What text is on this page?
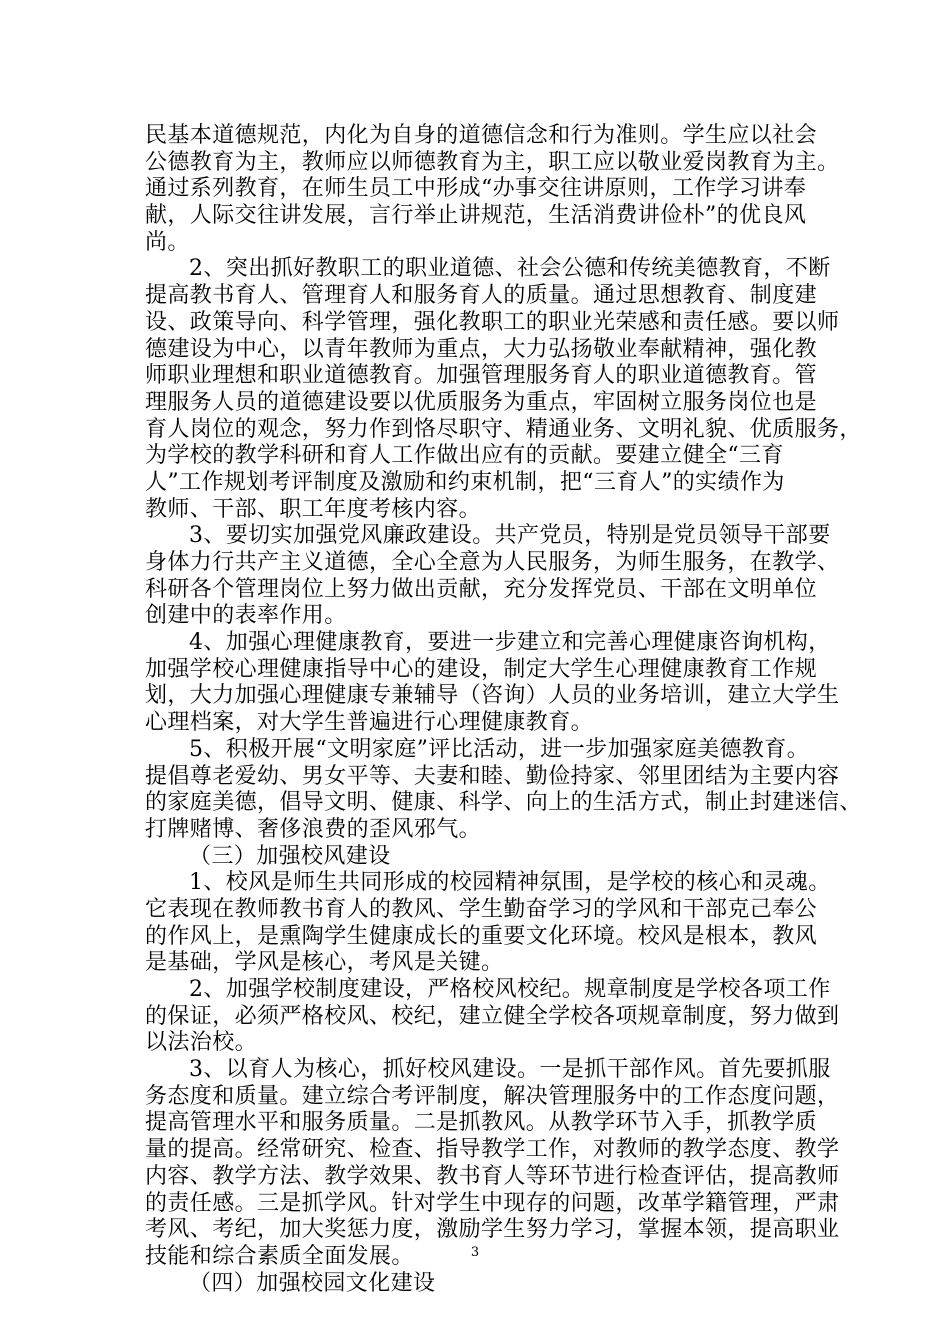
民基本道德规范，内化为自身的道德信念和行为准则。学生应以社会
公德教育为主，教师应以师德教育为主，职工应以敬业爱岗教育为主。
通过系列教育，在师生员工中形成“办事交往讲原则，工作学习讲奉
献，人际交往讲发展，言行举止讲规范，生活消费讲俭朴”的优良风
尚。
2、突出抓好教职工的职业道德、社会公德和传统美德教育，不断
提高教书育人、管理育人和服务育人的质量。通过思想教育、制度建
设、政策导向、科学管理，强化教职工的职业光荣感和责任感。要以师
德建设为中心，以青年教师为重点，大力弘扬敬业奉献精神，强化教
师职业理想和职业道德教育。加强管理服务育人的职业道德教育。管
理服务人员的道德建设要以优质服务为重点，牢固树立服务岗位也是
育人岗位的观念，努力作到恪尽职守、精通业务、文明礼貌、优质服务，
为学校的教学科研和育人工作做出应有的贡献。要建立健全“三育
人”工作规划考评制度及激励和约束机制，把“三育人”的实绩作为
教师、干部、职工年度考核内容。
3、要切实加强党风廉政建设。共产党员，特别是党员领导干部要
身体力行共产主义道德，全心全意为人民服务，为师生服务，在教学、
科研各个管理岗位上努力做出贡献，充分发挥党员、干部在文明单位
创建中的表率作用。
4、加强心理健康教育，要进一步建立和完善心理健康咨询机构，
加强学校心理健康指导中心的建设，制定大学生心理健康教育工作规
划，大力加强心理健康专兼辅导（咨询）人员的业务培训，建立大学生
心理档案，对大学生普遍进行心理健康教育。
5、积极开展“文明家庭”评比活动，进一步加强家庭美德教育。
提倡尊老爱幼、男女平等、夫妻和睦、勤俭持家、邻里团结为主要内容
的家庭美德，倡导文明、健康、科学、向上的生活方式，制止封建迷信、
打牌赌博、奢侈浪费的歪风邪气。
（三）加强校风建设
1、校风是师生共同形成的校园精神氛围，是学校的核心和灵魂。
它表现在教师教书育人的教风、学生勤奋学习的学风和干部克己奉公
的作风上，是熏陶学生健康成长的重要文化环境。校风是根本，教风
是基础，学风是核心，考风是关键。
2、加强学校制度建设，严格校风校纪。规章制度是学校各项工作
的保证，必须严格校风、校纪，建立健全学校各项规章制度，努力做到
以法治校。
3、以育人为核心，抓好校风建设。一是抓干部作风。首先要抓服
务态度和质量。建立综合考评制度，解决管理服务中的工作态度问题，
提高管理水平和服务质量。二是抓教风。从教学环节入手，抓教学质
量的提高。经常研究、检查、指导教学工作，对教师的教学态度、教学
内容、教学方法、教学效果、教书育人等环节进行检查评估，提高教师
的责任感。三是抓学风。针对学生中现存的问题，改革学籍管理，严肃
考风、考纪，加大奖惩力度，激励学生努力学习，掌握本领，提高职业
技能和综合素质全面发展。
（四）加强校园文化建设
3
